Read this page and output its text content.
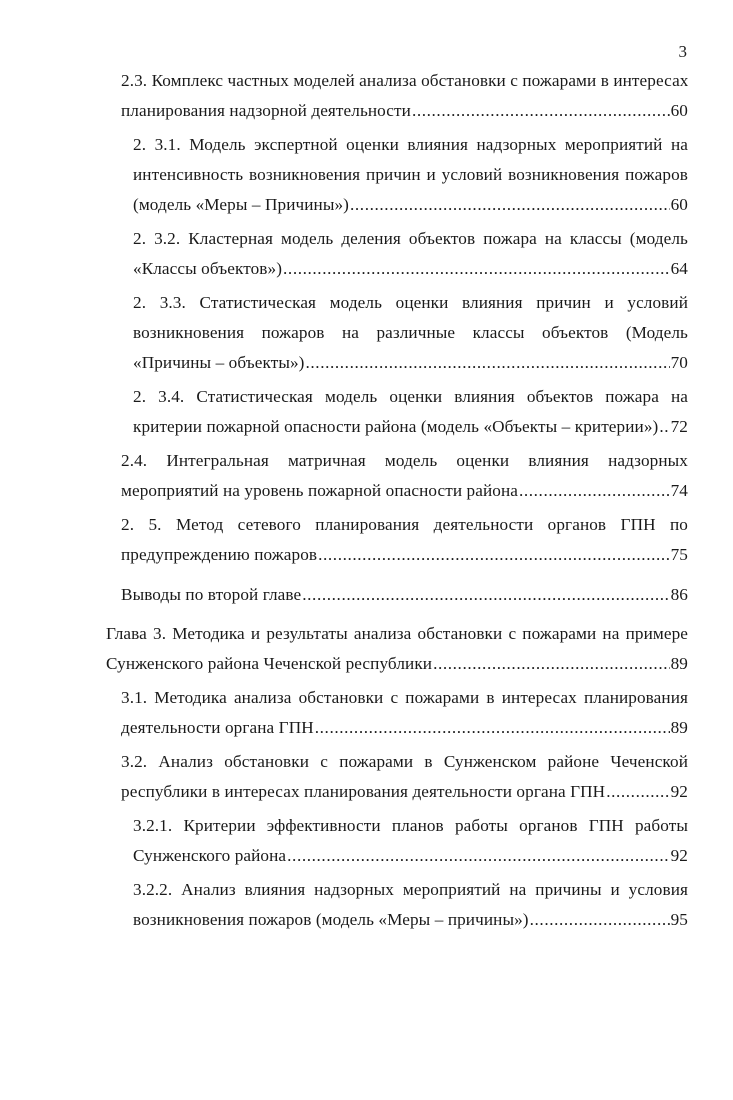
3
2.3. Комплекс частных моделей анализа обстановки с пожарами в интересах
планирования надзорной деятельности .....	60
2. 3.1. Модель экспертной оценки влияния надзорных мероприятий на
интенсивность возникновения причин и условий возникновения пожаров
(модель «Меры – Причины») .....	60
2. 3.2. Кластерная модель деления объектов пожара на классы (модель
«Классы объектов») .....	64
2. 3.3. Статистическая модель оценки влияния причин и условий
возникновения пожаров на различные классы объектов (Модель
«Причины – объекты») .....	70
2. 3.4. Статистическая модель оценки влияния объектов пожара на
критерии пожарной опасности района (модель «Объекты – критерии») ..... 72
2.4. Интегральная матричная модель оценки влияния надзорных
мероприятий на уровень пожарной опасности района .....	74
2. 5. Метод сетевого планирования деятельности органов ГПН по
предупреждению пожаров .....	75
Выводы по второй главе .....	86
Глава 3. Методика и результаты анализа обстановки с пожарами на примере
Сунженского района Чеченской республики .....	89
3.1. Методика анализа обстановки с пожарами в интересах планирования
деятельности органа ГПН .....	89
3.2. Анализ обстановки с пожарами в Сунженском районе Чеченской
республики в интересах планирования деятельности органа ГПН .....	92
3.2.1. Критерии эффективности планов работы органов ГПН работы
Сунженского района .....	92
3.2.2. Анализ влияния надзорных мероприятий на причины и условия
возникновения пожаров (модель «Меры – причины») .....	95
